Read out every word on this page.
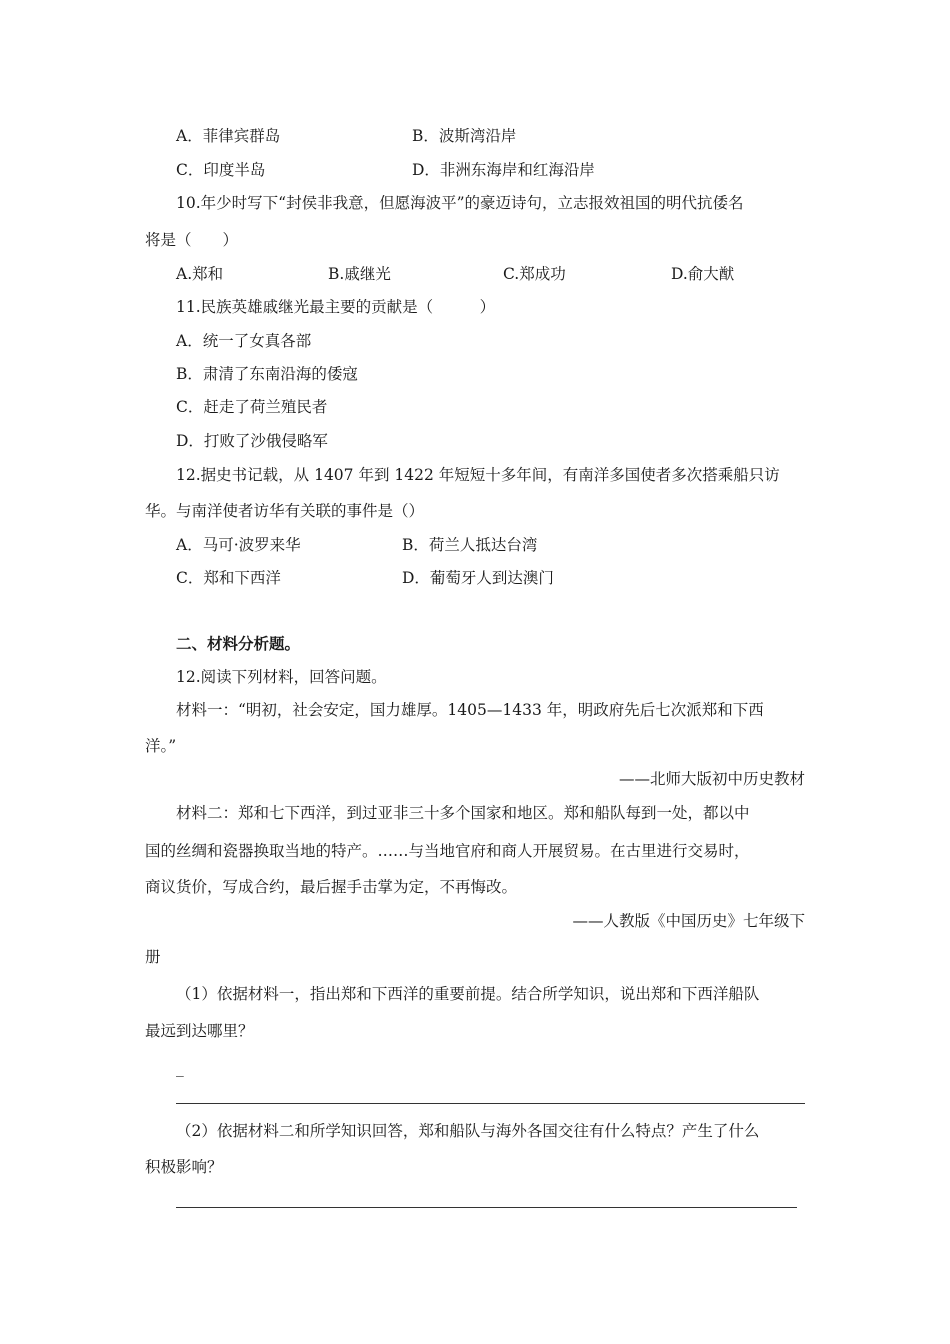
A．菲律宾群岛	B．波斯湾沿岸
C．印度半岛	D．非洲东海岸和红海沿岸
10.年少时写下“封侯非我意，但愿海波平”的豪迈诗句，立志报效祖国的明代抗倭名
将是（　　）
A.郑和	B.戚继光	C.郑成功	D.俞大猷
11.民族英雄戚继光最主要的贡献是（　　　）
A．统一了女真各部
B．肃清了东南沿海的倭寇
C．赶走了荷兰殖民者
D．打败了沙俄侵略军
12.据史书记载，从 1407 年到 1422 年短短十多年间，有南洋多国使者多次搭乘船只访
华。与南洋使者访华有关联的事件是（）
A．马可·波罗来华	B．荷兰人抵达台湾
C．郑和下西洋	D．葡萄牙人到达澳门
二、材料分析题。
12.阅读下列材料，回答问题。
材料一：“明初，社会安定，国力雄厚。1405—1433 年，明政府先后七次派郑和下西
洋。”
——北师大版初中历史教材
材料二：郑和七下西洋，到过亚非三十多个国家和地区。郑和船队每到一处，都以中
国的丝绸和瓷器换取当地的特产。……与当地官府和商人开展贸易。在古里进行交易时，
商议货价，写成合约，最后握手击掌为定，不再悔改。
——人教版《中国历史》七年级下
册
（1）依据材料一，指出郑和下西洋的重要前提。结合所学知识，说出郑和下西洋船队
最远到达哪里？
_
（2）依据材料二和所学知识回答，郑和船队与海外各国交往有什么特点？产生了什么
积极影响？
